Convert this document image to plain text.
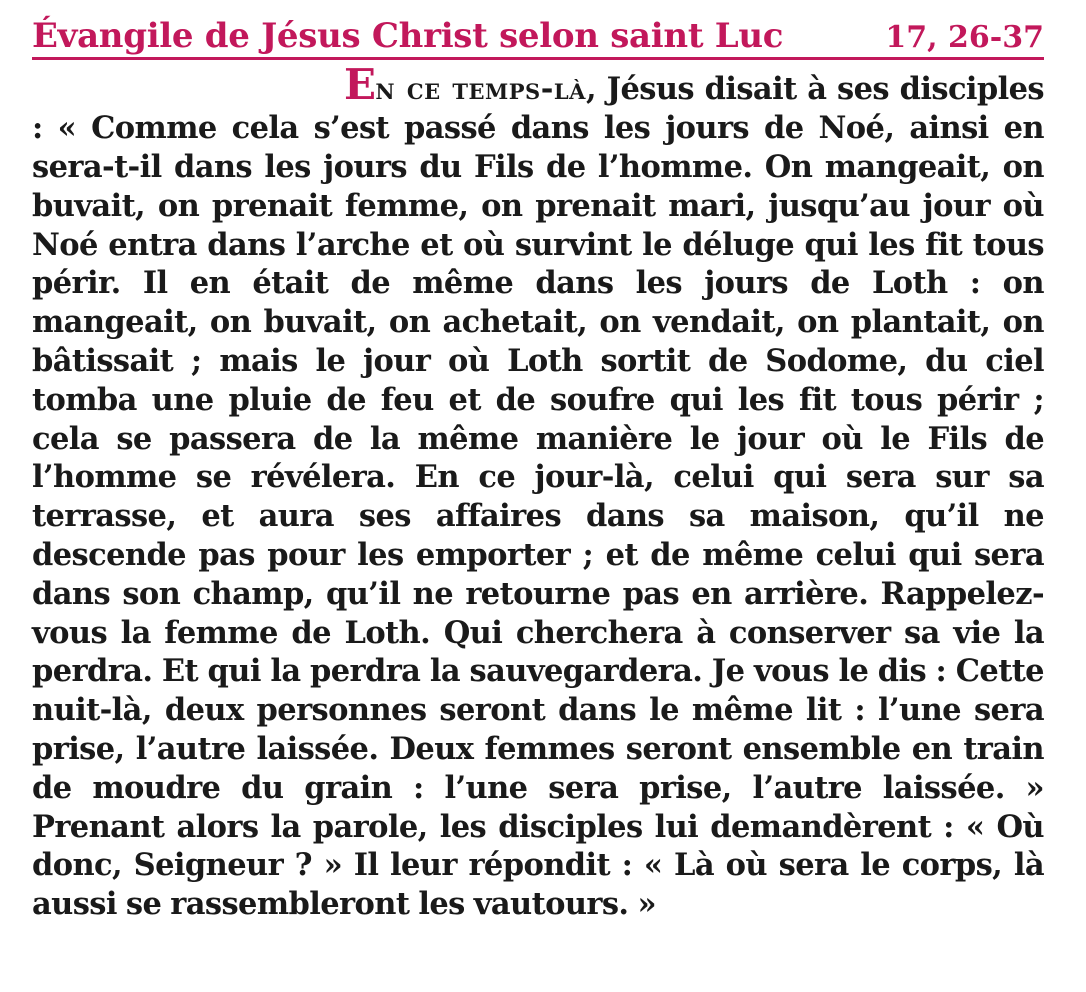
Évangile de Jésus Christ selon saint Luc	17, 26-37
En ce temps-là, Jésus disait à ses disciples : « Comme cela s’est passé dans les jours de Noé, ainsi en sera-t-il dans les jours du Fils de l’homme. On mangeait, on buvait, on prenait femme, on prenait mari, jusqu’au jour où Noé entra dans l’arche et où survint le déluge qui les fit tous périr. Il en était de même dans les jours de Loth : on mangeait, on buvait, on achetait, on vendait, on plantait, on bâtissait ; mais le jour où Loth sortit de Sodome, du ciel tomba une pluie de feu et de soufre qui les fit tous périr ; cela se passera de la même manière le jour où le Fils de l’homme se révélera. En ce jour-là, celui qui sera sur sa terrasse, et aura ses affaires dans sa maison, qu’il ne descende pas pour les emporter ; et de même celui qui sera dans son champ, qu’il ne retourne pas en arrière. Rappelez-vous la femme de Loth. Qui cherchera à conserver sa vie la perdra. Et qui la perdra la sauvegardera. Je vous le dis : Cette nuit-là, deux personnes seront dans le même lit : l’une sera prise, l’autre laissée. Deux femmes seront ensemble en train de moudre du grain : l’une sera prise, l’autre laissée. » Prenant alors la parole, les disciples lui demandèrent : « Où donc, Seigneur ? » Il leur répondit : « Là où sera le corps, là aussi se rassembleront les vautours. »
